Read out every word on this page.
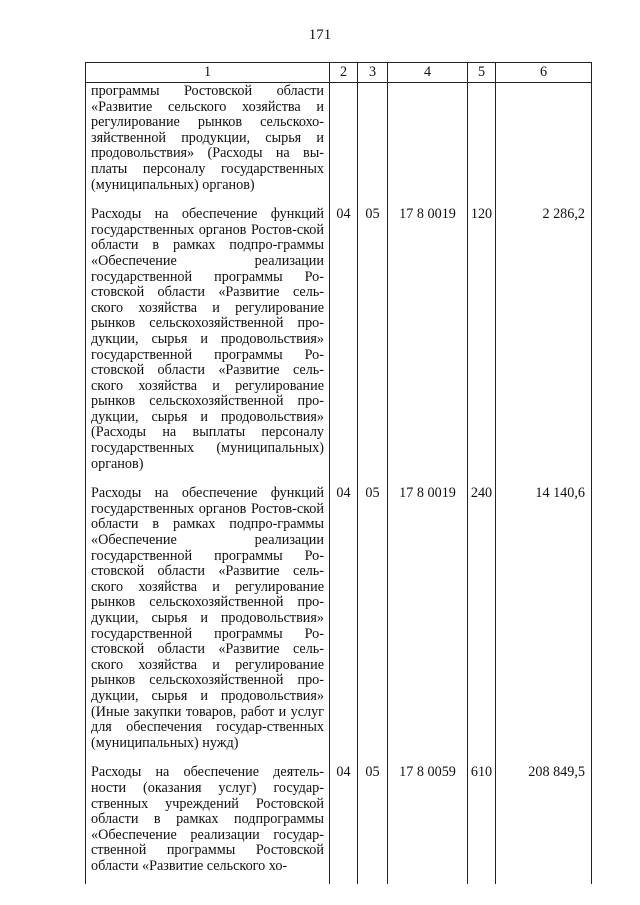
171
1	2	3	4	5	6
программы Ростовской области «Развитие сельского хозяйства и регулирование рынков сельскохо-зяйственной продукции, сырья и продовольствия» (Расходы на вы-платы персоналу государственных (муниципальных) органов)					
Расходы на обеспечение функций государственных органов Ростов-ской области в рамках подпро-граммы «Обеспечение реализации государственной программы Ро-стовской области «Развитие сель-ского хозяйства и регулирование рынков сельскохозяйственной про-дукции, сырья и продовольствия» государственной программы Ро-стовской области «Развитие сель-ского хозяйства и регулирование рынков сельскохозяйственной про-дукции, сырья и продовольствия» (Расходы на выплаты персоналу государственных (муниципальных) органов)	04	05	17 8 0019	120	2 286,2
Расходы на обеспечение функций государственных органов Ростов-ской области в рамках подпро-граммы «Обеспечение реализации государственной программы Ро-стовской области «Развитие сель-ского хозяйства и регулирование рынков сельскохозяйственной про-дукции, сырья и продовольствия» государственной программы Ро-стовской области «Развитие сель-ского хозяйства и регулирование рынков сельскохозяйственной про-дукции, сырья и продовольствия» (Иные закупки товаров, работ и услуг для обеспечения государ-ственных (муниципальных) нужд)	04	05	17 8 0019	240	14 140,6
Расходы на обеспечение деятель-ности (оказания услуг) государ-ственных учреждений Ростовской области в рамках подпрограммы «Обеспечение реализации государ-ственной программы Ростовской области «Развитие сельского хо-	04	05	17 8 0059	610	208 849,5
